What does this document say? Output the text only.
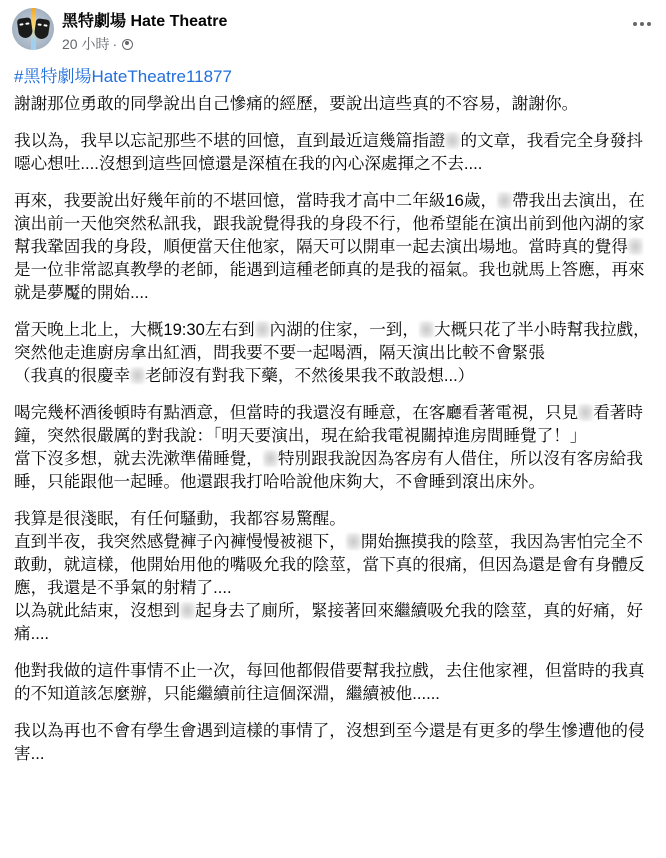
黑特劇場 Hate Theatre
20 小時 ·
#黑特劇場HateTheatre11877

謝謝那位勇敢的同學說出自己慘痛的經歷，要說出這些真的不容易，謝謝你。

我以為，我早以忘記那些不堪的回憶，直到最近這幾篇指證 的文章，我看完全身發抖噁心想吐....沒想到這些回憶還是深植在我的內心深處揮之不去....

再來，我要說出好幾年前的不堪回憶，當時我才高中二年級16歲， 帶我出去演出，在演出前一天他突然私訊我，跟我說覺得我的身段不行，他希望能在演出前到他內湖的家幫我鞏固我的身段，順便當天住他家，隔天可以開車一起去演出場地。當時真的覺得是一位非常認真教學的老師，能遇到這種老師真的是我的福氣。我也就馬上答應，再來就是夢魘的開始....

當天晚上北上，大概19:30左右到 內湖的住家，一到， 大概只花了半小時幫我拉戲，突然他走進廚房拿出紅酒，問我要不要一起喝酒，隔天演出比較不會緊張

（我真的很慶幸 老師沒有對我下藥，不然後果我不敢設想...）

喝完幾杯酒後頓時有點酒意，但當時的我還沒有睡意，在客廳看著電視，只見 看著時鐘，突然很嚴厲的對我說：「明天要演出，現在給我電視關掉進房間睡覺了！」

當下沒多想，就去洗漱準備睡覺， 特別跟我說因為客房有人借住，所以沒有客房給我睡，只能跟他一起睡。他還跟我打哈哈說他床夠大，不會睡到滾出床外。

我算是很淺眠，有任何騷動，我都容易驚醒。

直到半夜，我突然感覺褲子內褲慢慢被褪下， 開始撫摸我的陰莖，我因為害怕完全不敢動，就這樣，他開始用他的嘴吸允我的陰莖，當下真的很痛，但因為還是會有身體反應，我還是不爭氣的射精了....

以為就此結束，沒想到 起身去了廁所，緊接著回來繼續吸允我的陰莖，真的好痛，好痛....

他對我做的這件事情不止一次，每回他都假借要幫我拉戲，去住他家裡，但當時的我真的不知道該怎麼辦，只能繼續前往這個深淵，繼續被他......

我以為再也不會有學生會遇到這樣的事情了，沒想到至今還是有更多的學生慘遭他的侵害...
